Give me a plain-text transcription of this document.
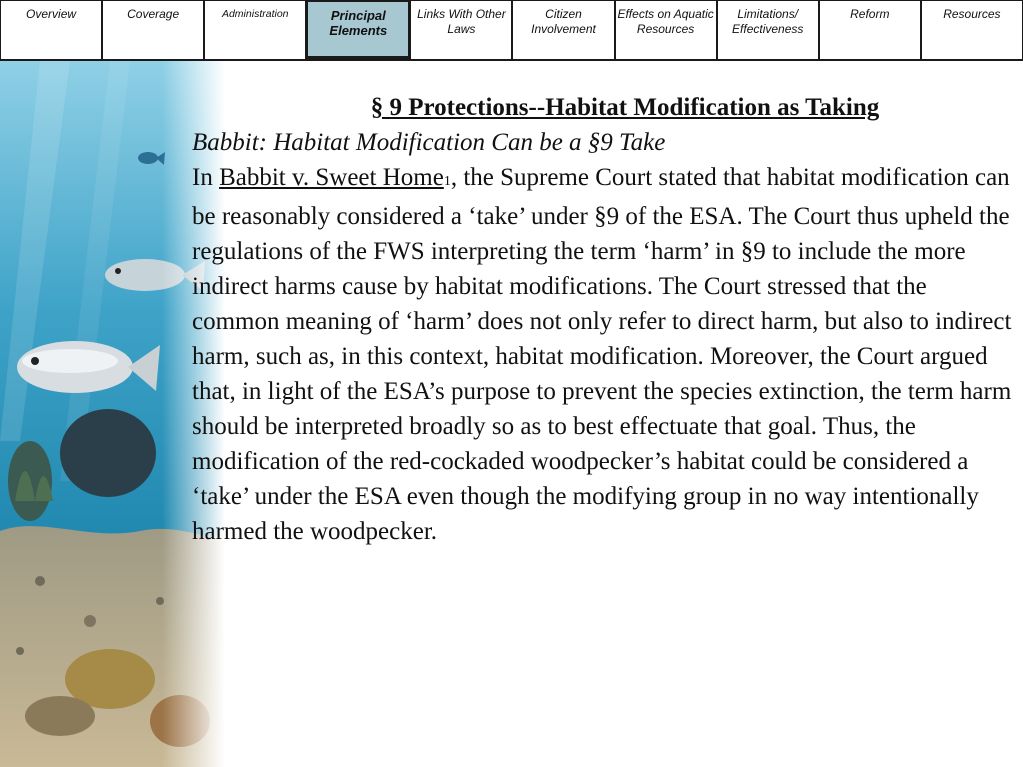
Overview	Coverage	Administration	Principal Elements
Links With Other Laws
Citizen Involvement
Effects on Aquatic Resources
Limitations/ Effectiveness
Reform	Resources
§ 9 Protections--Habitat Modification as Taking
Babbit: Habitat Modification Can be a §9 Take

In Babbit v. Sweet Home1, the Supreme Court stated that habitat modification can be reasonably considered a ‘take’ under §9 of the ESA. The Court thus upheld the regulations of the FWS interpreting the term ‘harm’ in §9 to include the more indirect harms cause by habitat modifications. The Court stressed that the common meaning of ‘harm’ does not only refer to direct harm, but also to indirect harm, such as, in this context, habitat modification. Moreover, the Court argued that, in light of the ESA’s purpose to prevent the species extinction, the term harm should be interpreted broadly so as to best effectuate that goal. Thus, the modification of the red-cockaded woodpecker’s habitat could be considered a ‘take’ under the ESA even though the modifying group in no way intentionally harmed the woodpecker.
